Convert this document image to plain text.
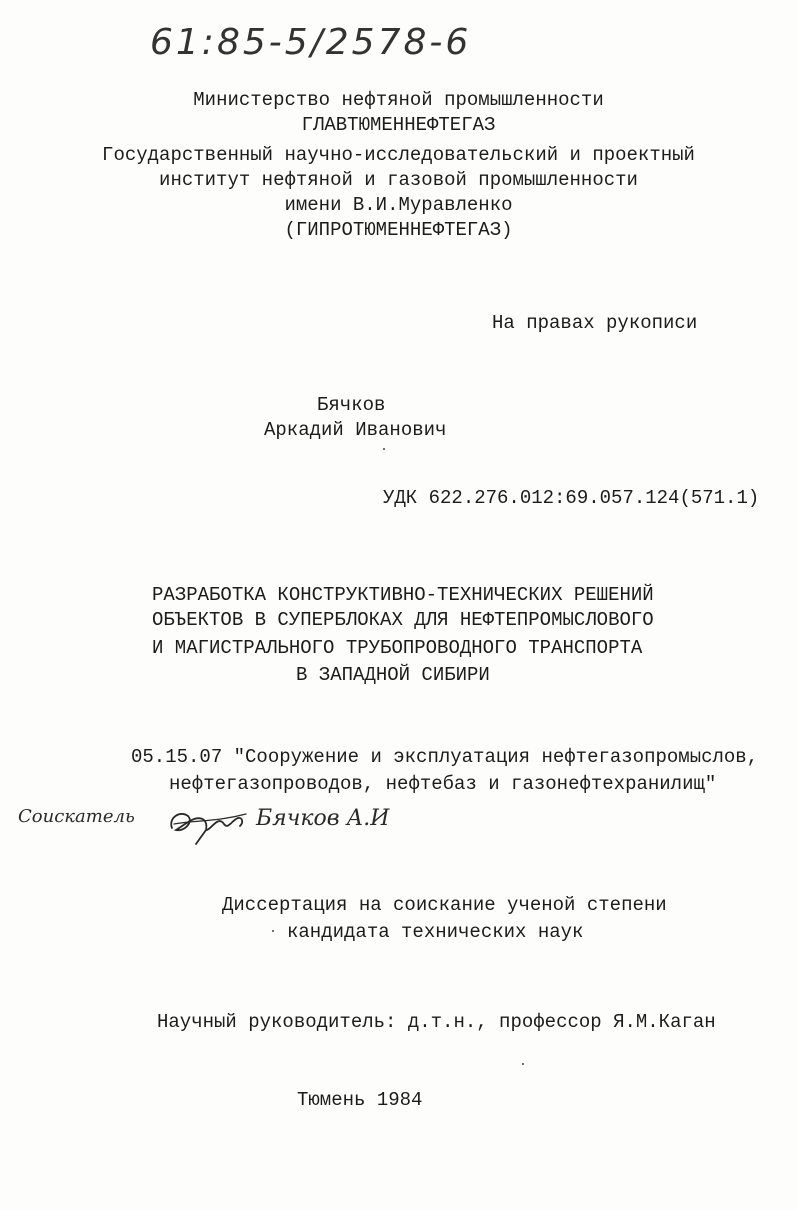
61:85-5/2578-6
Министерство нефтяной промышленности
ГЛАВТЮМЕННЕФТЕГАЗ
Государственный научно-исследовательский и проектный
институт нефтяной и газовой промышленности
имени В.И.Муравленко
(ГИПРОТЮМЕННЕФТЕГАЗ)
На правах рукописи
Бячков
Аркадий Иванович
УДК 622.276.012:69.057.124(571.1)
РАЗРАБОТКА КОНСТРУКТИВНО-ТЕХНИЧЕСКИХ РЕШЕНИЙ
ОБЪЕКТОВ В СУПЕРБЛОКАХ ДЛЯ НЕФТЕПРОМЫСЛОВОГО
И МАГИСТРАЛЬНОГО ТРУБОПРОВОДНОГО ТРАНСПОРТА
В ЗАПАДНОЙ СИБИРИ
05.15.07 "Сооружение и эксплуатация нефтегазопромыслов,
нефтегазопроводов, нефтебаз и газонефтехранилищ"
Соискатель	Бячков А.И
Диссертация на соискание ученой степени
кандидата технических наук
Научный руководитель: д.т.н., профессор Я.М.Каган
Тюмень 1984
